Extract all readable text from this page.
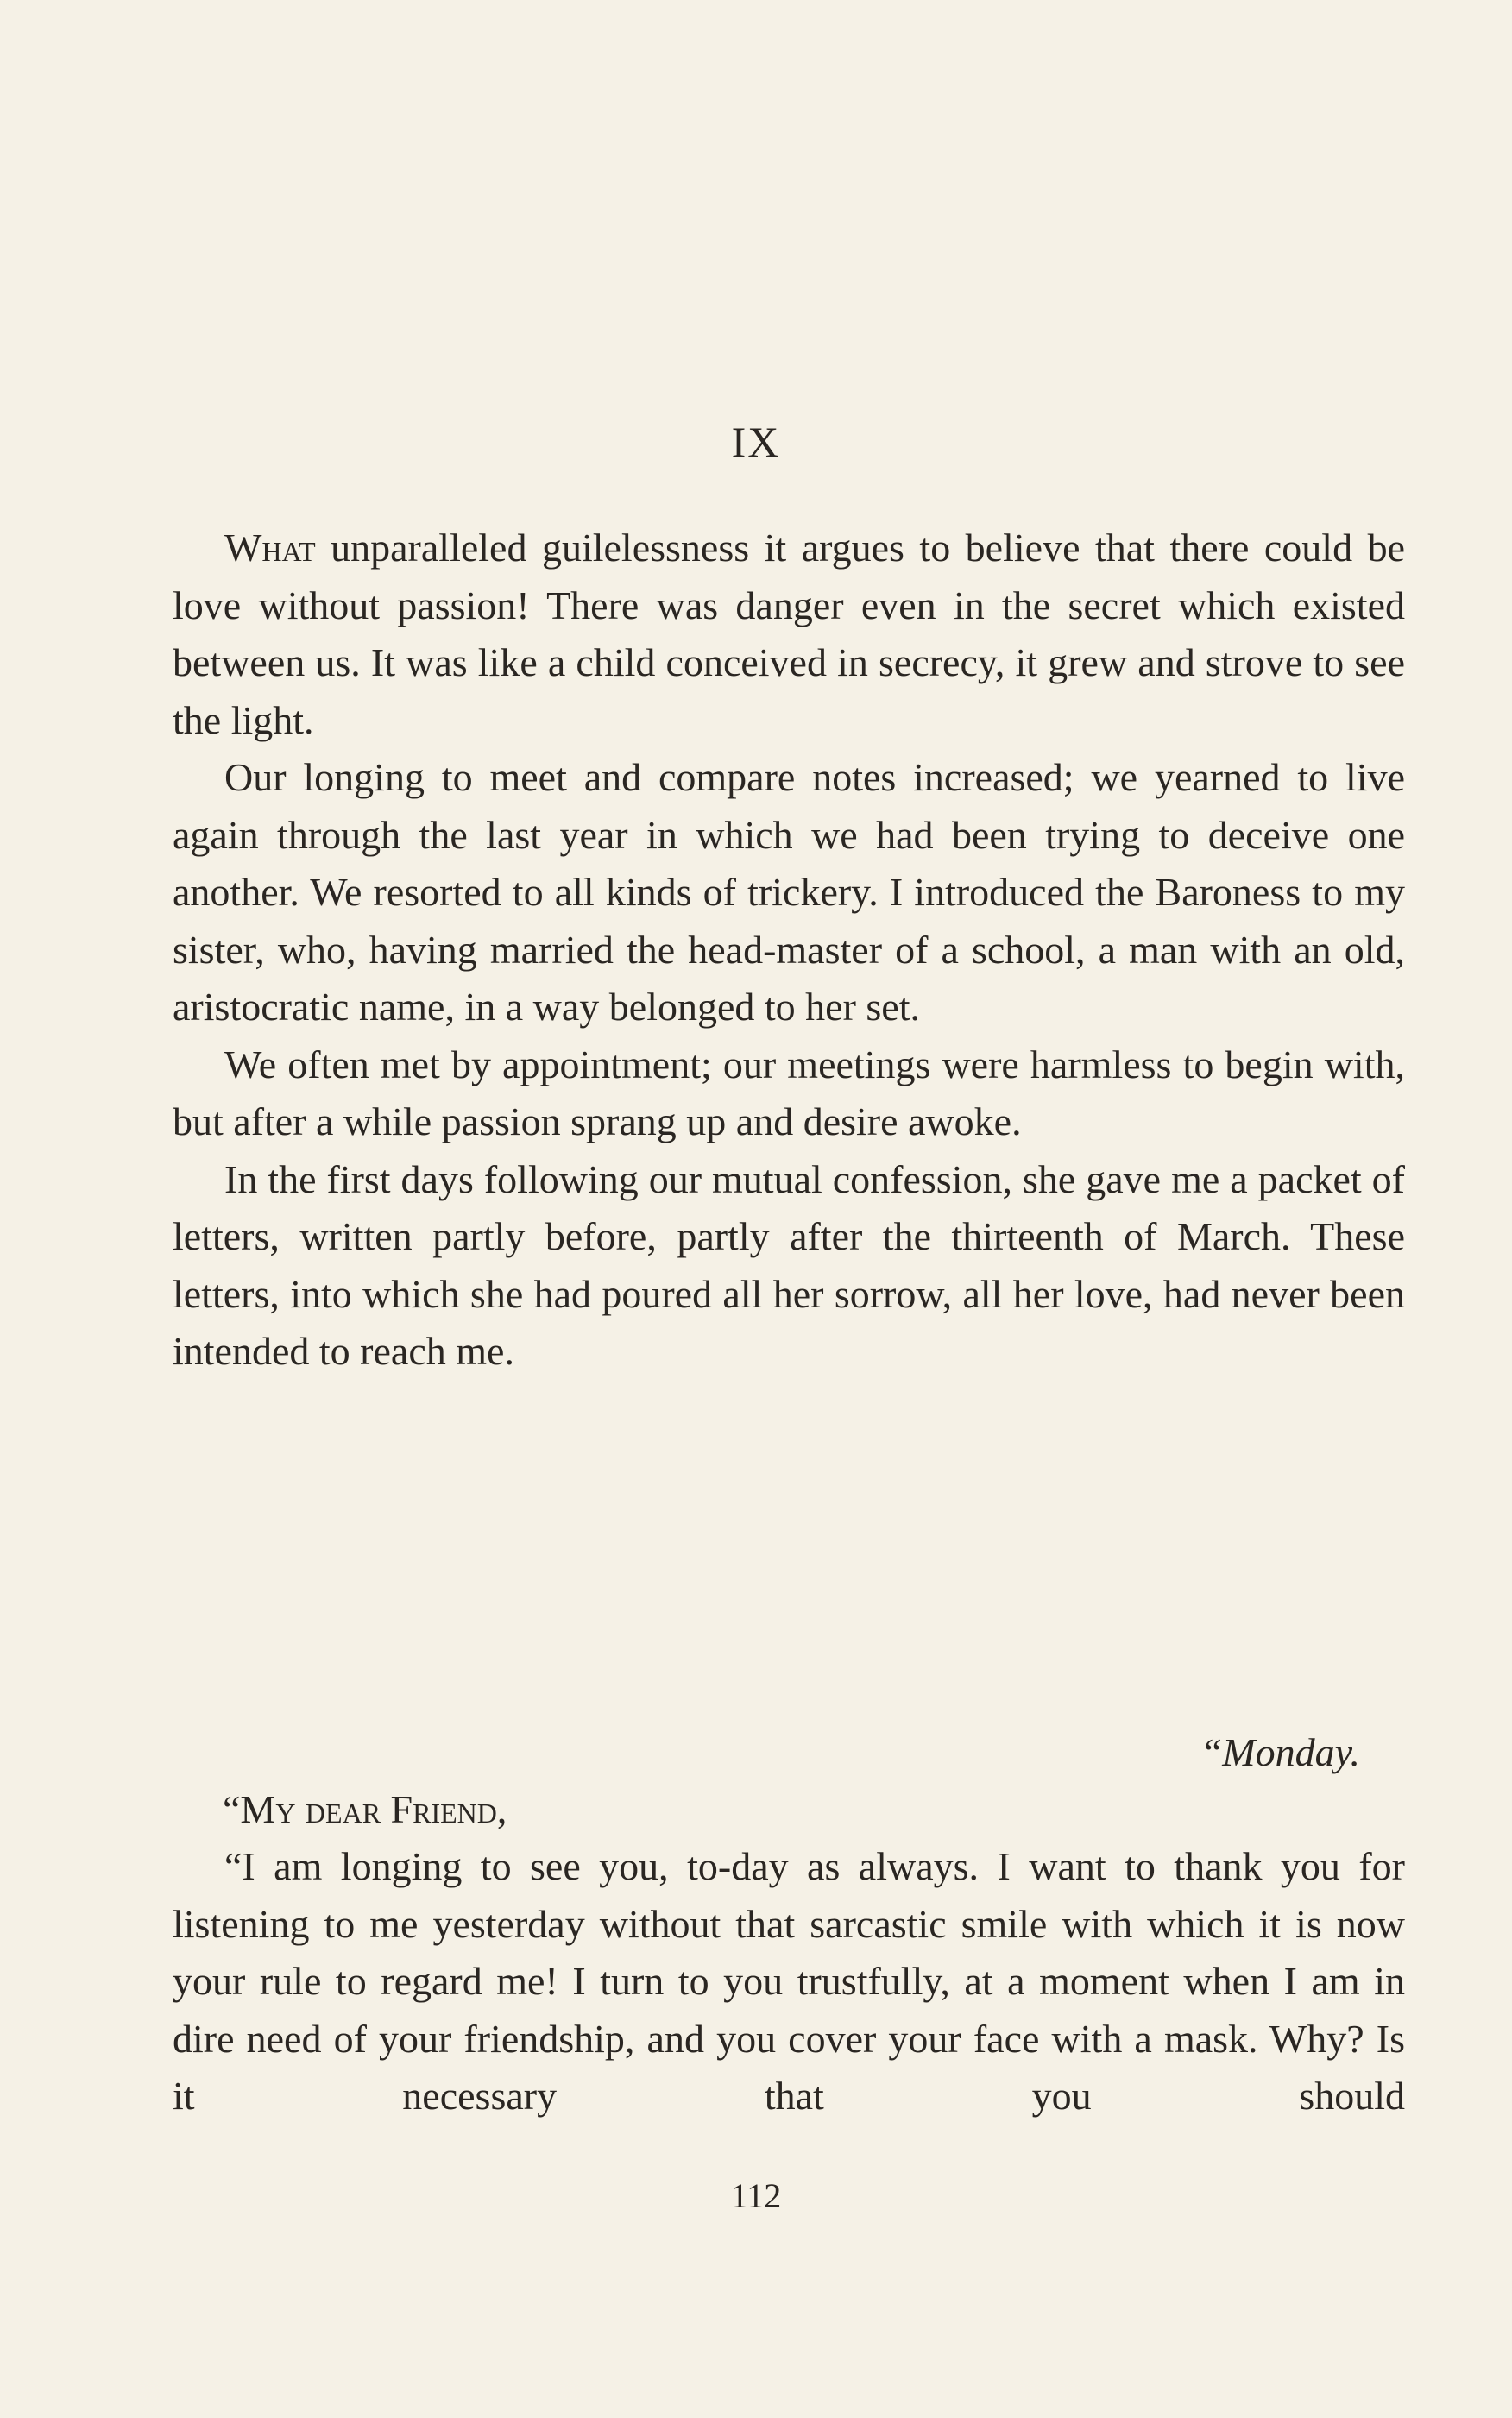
IX

What unparalleled guilelessness it argues to believe that there could be love without passion! There was danger even in the secret which existed between us. It was like a child conceived in secrecy, it grew and strove to see the light.

Our longing to meet and compare notes increased; we yearned to live again through the last year in which we had been trying to deceive one another. We resorted to all kinds of trickery. I introduced the Baroness to my sister, who, having married the head-master of a school, a man with an old, aristocratic name, in a way belonged to her set.

We often met by appointment; our meetings were harmless to begin with, but after a while passion sprang up and desire awoke.

In the first days following our mutual confession, she gave me a packet of letters, written partly before, partly after the thirteenth of March. These letters, into which she had poured all her sorrow, all her love, had never been intended to reach me.

“Monday.
“My dear Friend,

“I am longing to see you, to-day as always. I want to thank you for listening to me yesterday without that sarcastic smile with which it is now your rule to regard me! I turn to you trustfully, at a moment when I am in dire need of your friendship, and you cover your face with a mask. Why? Is it necessary that you should

112
